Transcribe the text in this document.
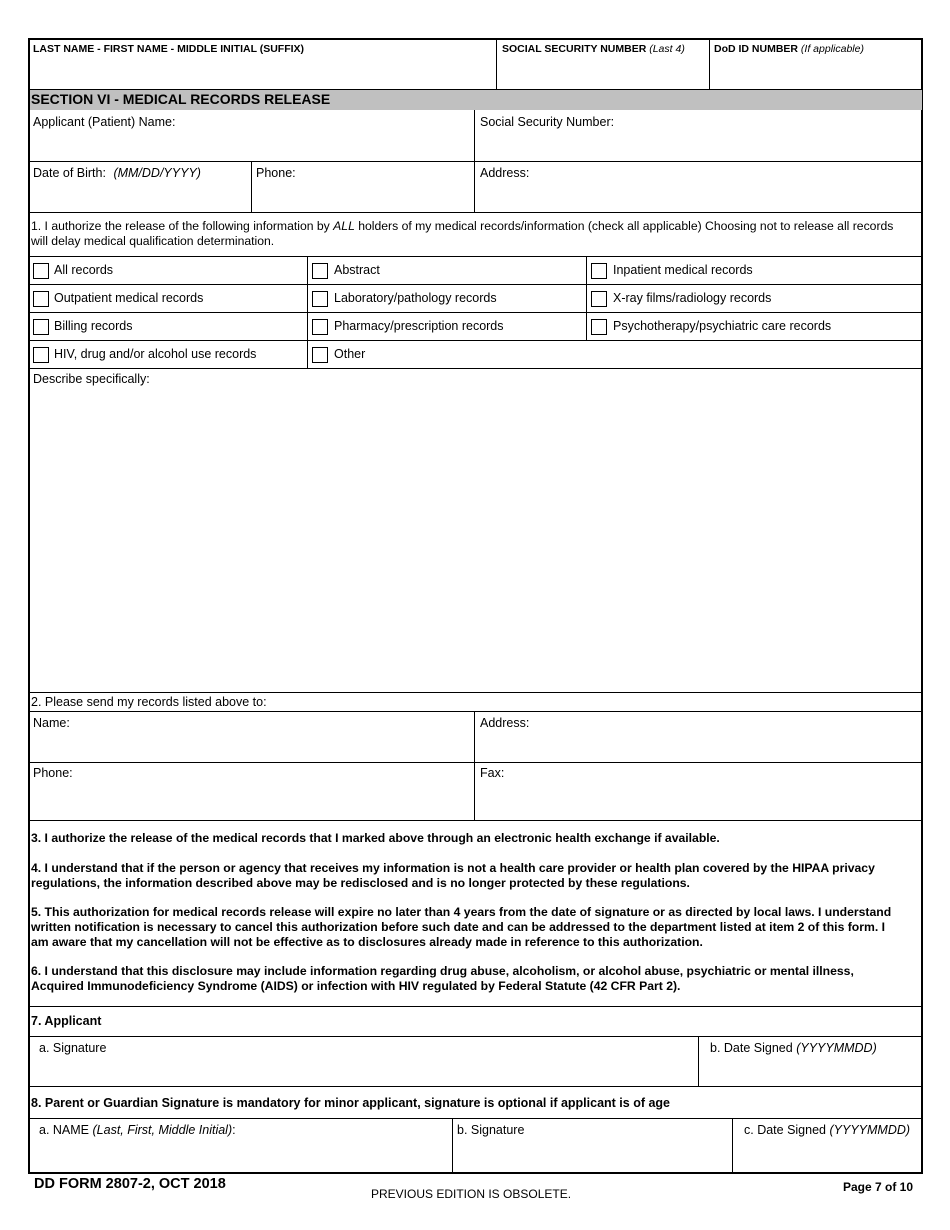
LAST NAME - FIRST NAME - MIDDLE INITIAL (SUFFIX)	SOCIAL SECURITY NUMBER (Last 4)	DoD ID NUMBER (If applicable)
SECTION VI - MEDICAL RECORDS RELEASE
Applicant (Patient) Name:	Social Security Number:
Date of Birth: (MM/DD/YYYY)	Phone:	Address:
1. I authorize the release of the following information by ALL holders of my medical records/information (check all applicable) Choosing not to release all records
will delay medical qualification determination.
All records	Abstract	Inpatient medical records
Outpatient medical records	Laboratory/pathology records	X-ray films/radiology records
Billing records	Pharmacy/prescription records	Psychotherapy/psychiatric care records
HIV, drug and/or alcohol use records	Other
Describe specifically:
2. Please send my records listed above to:
Name:	Address:
Phone:	Fax:
3. I authorize the release of the medical records that I marked above through an electronic health exchange if available.
4. I understand that if the person or agency that receives my information is not a health care provider or health plan covered by the HIPAA privacy
regulations, the information described above may be redisclosed and is no longer protected by these regulations.
5. This authorization for medical records release will expire no later than 4 years from the date of signature or as directed by local laws. I understand
written notification is necessary to cancel this authorization before such date and can be addressed to the department listed at item 2 of this form. I
am aware that my cancellation will not be effective as to disclosures already made in reference to this authorization.
6. I understand that this disclosure may include information regarding drug abuse, alcoholism, or alcohol abuse, psychiatric or mental illness,
Acquired Immunodeficiency Syndrome (AIDS) or infection with HIV regulated by Federal Statute (42 CFR Part 2).
7. Applicant
a. Signature	b. Date Signed (YYYYMMDD)
8. Parent or Guardian Signature is mandatory for minor applicant, signature is optional if applicant is of age
a. NAME (Last, First, Middle Initial):	b. Signature	c. Date Signed (YYYYMMDD)
DD FORM 2807-2, OCT 2018
PREVIOUS EDITION IS OBSOLETE.	Page 7 of 10
